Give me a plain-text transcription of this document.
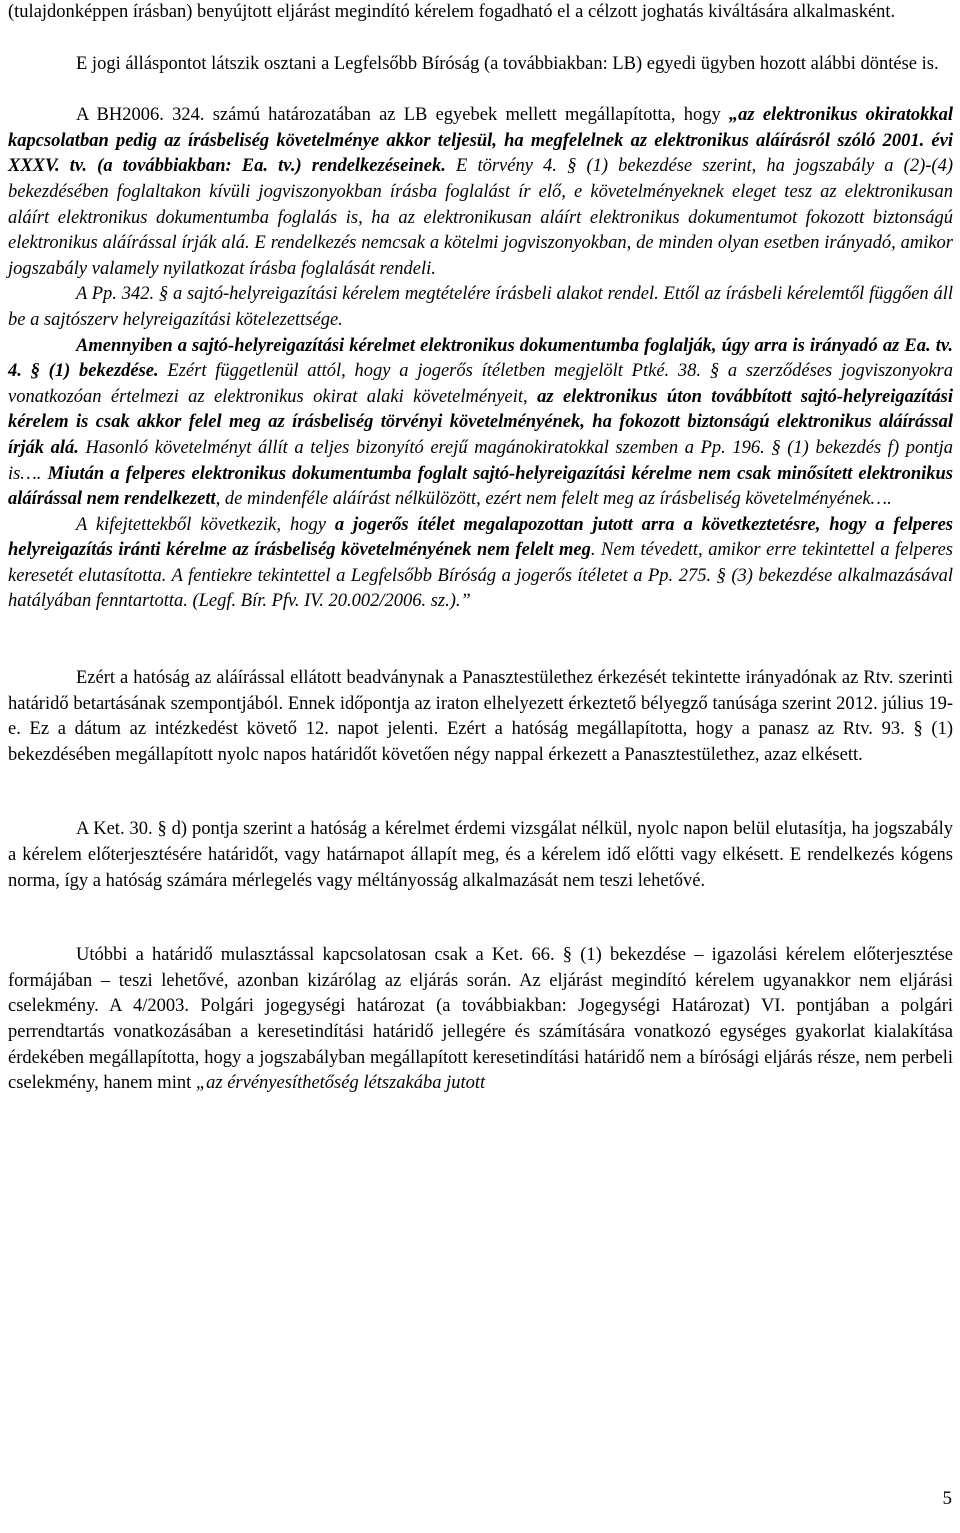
(tulajdonképpen írásban) benyújtott eljárást megindító kérelem fogadható el a célzott joghatás kiváltására alkalmasként.

E jogi álláspontot látszik osztani a Legfelsőbb Bíróság (a továbbiakban: LB) egyedi ügyben hozott alábbi döntése is.

A BH2006. 324. számú határozatában az LB egyebek mellett megállapította, hogy „az elektronikus okiratokkal kapcsolatban pedig az írásbeliség követelménye akkor teljesül, ha megfelelnek az elektronikus aláírásról szóló 2001. évi XXXV. tv. (a továbbiakban: Ea. tv.) rendelkezéseinek. E törvény 4. § (1) bekezdése szerint, ha jogszabály a (2)-(4) bekezdésében foglaltakon kívüli jogviszonyokban írásba foglalást ír elő, e követelményeknek eleget tesz az elektronikusan aláírt elektronikus dokumentumba foglalás is, ha az elektronikusan aláírt elektronikus dokumentumot fokozott biztonságú elektronikus aláírással írják alá. E rendelkezés nemcsak a kötelmi jogviszonyokban, de minden olyan esetben irányadó, amikor jogszabály valamely nyilatkozat írásba foglalását rendeli.

A Pp. 342. § a sajtó-helyreigazítási kérelem megtételére írásbeli alakot rendel. Ettől az írásbeli kérelemtől függően áll be a sajtószerv helyreigazítási kötelezettsége.

Amennyiben a sajtó-helyreigazítási kérelmet elektronikus dokumentumba foglalják, úgy arra is irányadó az Ea. tv. 4. § (1) bekezdése. Ezért függetlenül attól, hogy a jogerős ítéletben megjelölt Ptké. 38. § a szerződéses jogviszonyokra vonatkozóan értelmezi az elektronikus okirat alaki követelményeit, az elektronikus úton továbbított sajtó-helyreigazítási kérelem is csak akkor felel meg az írásbeliség törvényi követelményének, ha fokozott biztonságú elektronikus aláírással írják alá. Hasonló követelményt állít a teljes bizonyító erejű magánokiratokkal szemben a Pp. 196. § (1) bekezdés f) pontja is…. Miután a felperes elektronikus dokumentumba foglalt sajtó-helyreigazítási kérelme nem csak minősített elektronikus aláírással nem rendelkezett, de mindenféle aláírást nélkülözött, ezért nem felelt meg az írásbeliség követelményének….

A kifejtettekből következik, hogy a jogerős ítélet megalapozottan jutott arra a következtetésre, hogy a felperes helyreigazítás iránti kérelme az írásbeliség követelményének nem felelt meg. Nem tévedett, amikor erre tekintettel a felperes keresetét elutasította. A fentiekre tekintettel a Legfelsőbb Bíróság a jogerős ítéletet a Pp. 275. § (3) bekezdése alkalmazásával hatályában fenntartotta. (Legf. Bír. Pfv. IV. 20.002/2006. sz.).”

Ezért a hatóság az aláírással ellátott beadványnak a Panasztestülethez érkezését tekintette irányadónak az Rtv. szerinti határidő betartásának szempontjából. Ennek időpontja az iraton elhelyezett érkeztető bélyegző tanúsága szerint 2012. július 19-e. Ez a dátum az intézkedést követő 12. napot jelenti. Ezért a hatóság megállapította, hogy a panasz az Rtv. 93. § (1) bekezdésében megállapított nyolc napos határidőt követően négy nappal érkezett a Panasztestülethez, azaz elkésett.

A Ket. 30. § d) pontja szerint a hatóság a kérelmet érdemi vizsgálat nélkül, nyolc napon belül elutasítja, ha jogszabály a kérelem előterjesztésére határidőt, vagy határnapot állapít meg, és a kérelem idő előtti vagy elkésett. E rendelkezés kógens norma, így a hatóság számára mérlegelés vagy méltányosság alkalmazását nem teszi lehetővé.

Utóbbi a határidő mulasztással kapcsolatosan csak a Ket. 66. § (1) bekezdése – igazolási kérelem előterjesztése formájában – teszi lehetővé, azonban kizárólag az eljárás során. Az eljárást megindító kérelem ugyanakkor nem eljárási cselekmény. A 4/2003. Polgári jogegységi határozat (a továbbiakban: Jogegységi Határozat) VI. pontjában a polgári perrendtartás vonatkozásában a keresetindítási határidő jellegére és számítására vonatkozó egységes gyakorlat kialakítása érdekében megállapította, hogy a jogszabályban megállapított keresetindítási határidő nem a bírósági eljárás része, nem perbeli cselekmény, hanem mint „az érvényesíthetőség létszakába jutott

5
